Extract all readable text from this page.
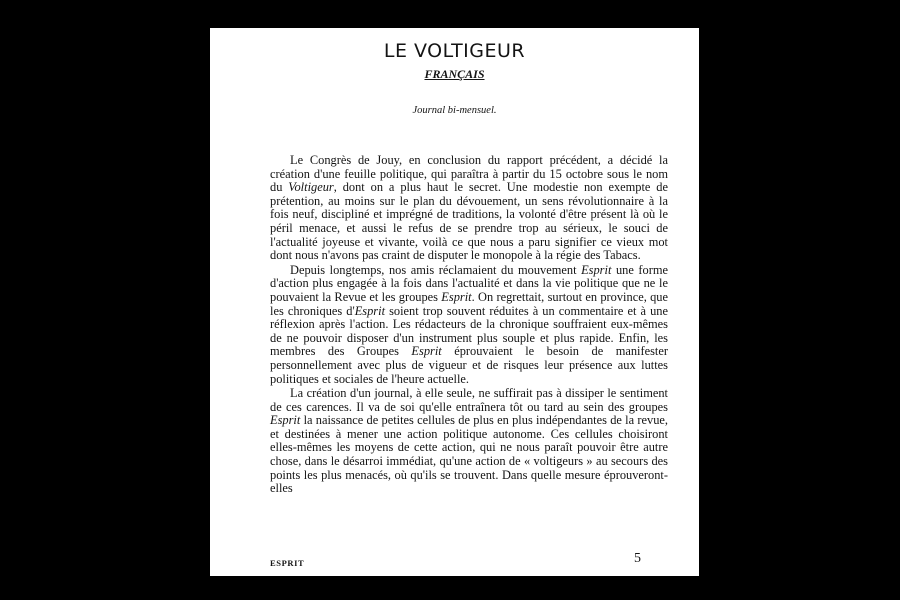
LE VOLTIGEUR
FRANÇAIS
Journal bi-mensuel.

Le Congrès de Jouy, en conclusion du rapport précédent, a décidé la création d'une feuille politique, qui paraîtra à partir du 15 octobre sous le nom du Voltigeur, dont on a plus haut le secret. Une modestie non exempte de prétention, au moins sur le plan du dévouement, un sens révolutionnaire à la fois neuf, discipliné et imprégné de traditions, la volonté d'être présent là où le péril menace, et aussi le refus de se prendre trop au sérieux, le souci de l'actualité joyeuse et vivante, voilà ce que nous a paru signifier ce vieux mot dont nous n'avons pas craint de disputer le monopole à la régie des Tabacs.

Depuis longtemps, nos amis réclamaient du mouvement Esprit une forme d'action plus engagée à la fois dans l'actualité et dans la vie politique que ne le pouvaient la Revue et les groupes Esprit. On regrettait, surtout en province, que les chroniques d'Esprit soient trop souvent réduites à un commentaire et à une réflexion après l'action. Les rédacteurs de la chronique souffraient eux-mêmes de ne pouvoir disposer d'un instrument plus souple et plus rapide. Enfin, les membres des Groupes Esprit éprouvaient le besoin de manifester personnellement avec plus de vigueur et de risques leur présence aux luttes politiques et sociales de l'heure actuelle.

La création d'un journal, à elle seule, ne suffirait pas à dissiper le sentiment de ces carences. Il va de soi qu'elle entraînera tôt ou tard au sein des groupes Esprit la naissance de petites cellules de plus en plus indépendantes de la revue, et destinées à mener une action politique autonome. Ces cellules choisiront elles-mêmes les moyens de cette action, qui ne nous paraît pouvoir être autre chose, dans le désarroi immédiat, qu'une action de « voltigeurs » au secours des points les plus menacés, où qu'ils se trouvent. Dans quelle mesure éprouveront-elles

ESPRIT	5
